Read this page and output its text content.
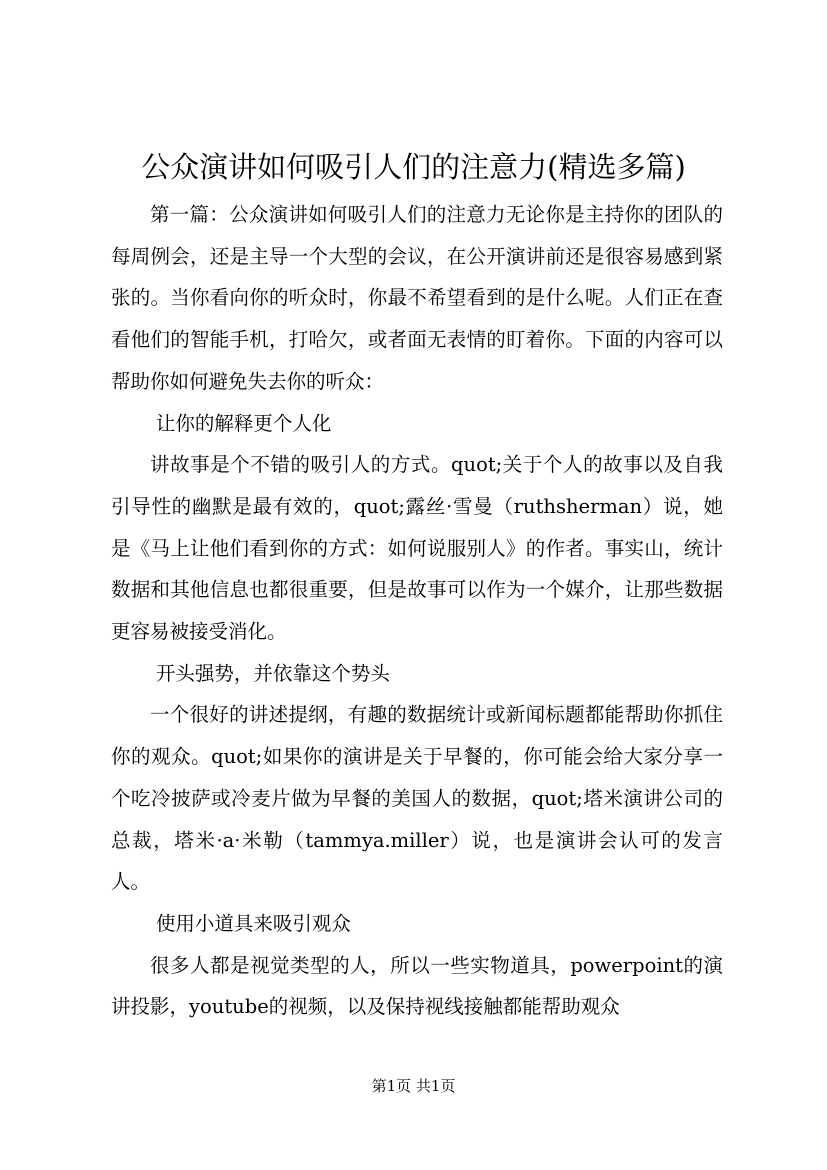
公众演讲如何吸引人们的注意力(精选多篇)

第一篇：公众演讲如何吸引人们的注意力无论你是主持你的团队的每周例会，还是主导一个大型的会议，在公开演讲前还是很容易感到紧张的。当你看向你的听众时，你最不希望看到的是什么呢。人们正在查看他们的智能手机，打哈欠，或者面无表情的盯着你。下面的内容可以帮助你如何避免失去你的听众：

让你的解释更个人化

讲故事是个不错的吸引人的方式。quot;关于个人的故事以及自我引导性的幽默是最有效的，quot;露丝·雪曼（ruthsherman）说，她是《马上让他们看到你的方式：如何说服别人》的作者。事实山，统计数据和其他信息也都很重要，但是故事可以作为一个媒介，让那些数据更容易被接受消化。

开头强势，并依靠这个势头

一个很好的讲述提纲，有趣的数据统计或新闻标题都能帮助你抓住你的观众。quot;如果你的演讲是关于早餐的，你可能会给大家分享一个吃冷披萨或冷麦片做为早餐的美国人的数据，quot;塔米演讲公司的总裁，塔米·a·米勒（tammya.miller）说，也是演讲会认可的发言人。

使用小道具来吸引观众

很多人都是视觉类型的人，所以一些实物道具，powerpoint的演讲投影，youtube的视频，以及保持视线接触都能帮助观众

第1页 共1页
